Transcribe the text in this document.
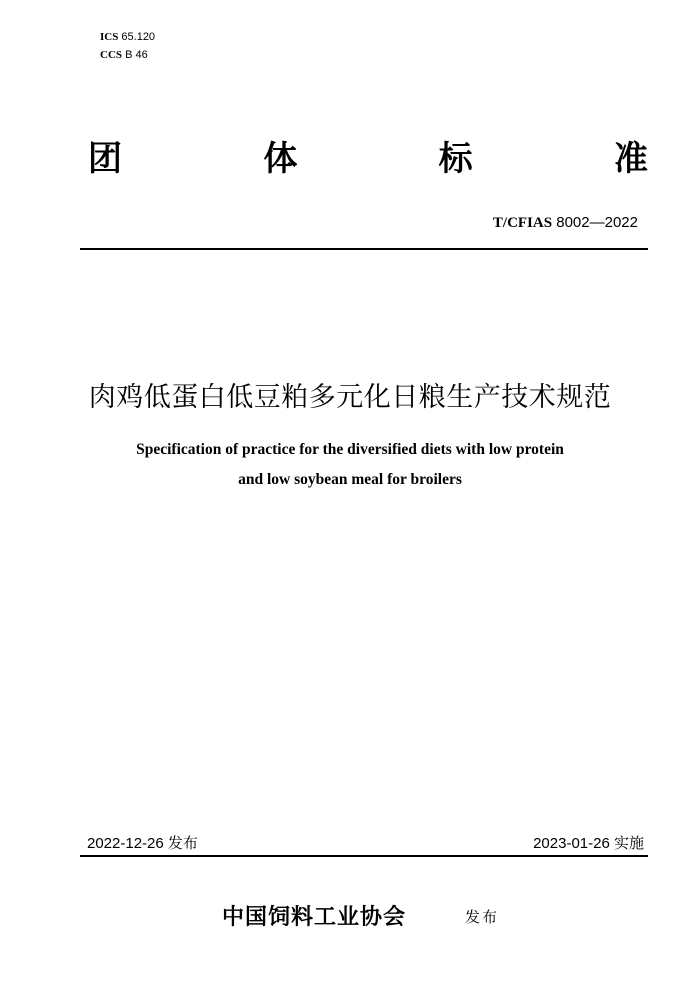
ICS 65.120
CCS B 46
团	体	标	准
T/CFIAS 8002—2022
肉鸡低蛋白低豆粕多元化日粮生产技术规范
Specification of practice for the diversified diets with low protein
and low soybean meal for broilers
2022-12-26 发布	2023-01-26 实施
中国饲料工业协会	发布
